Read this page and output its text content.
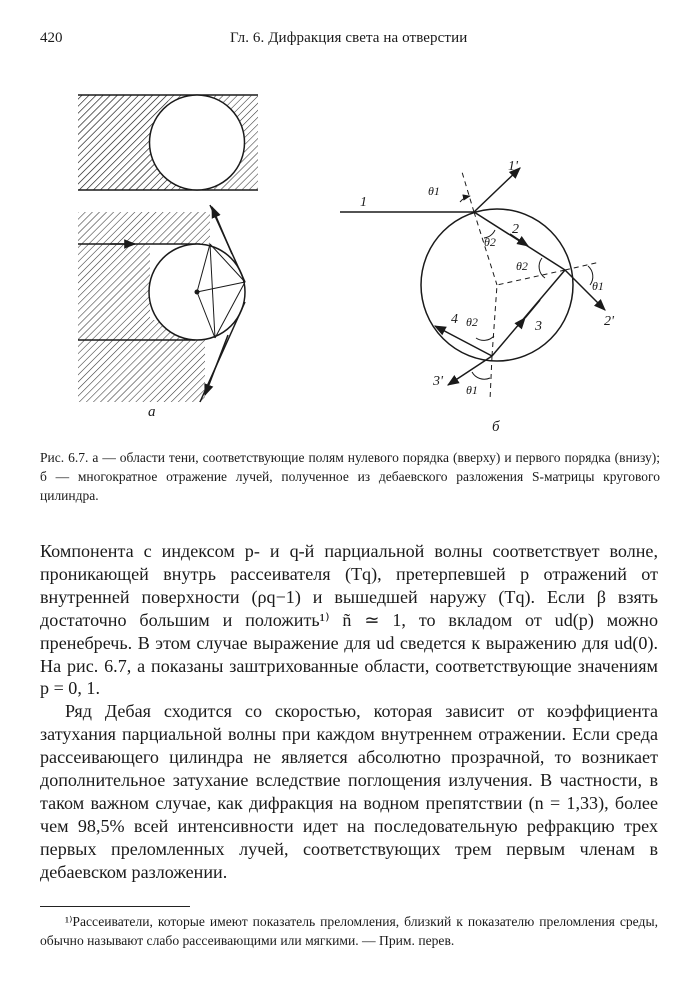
420	Гл. 6. Дифракция света на отверстии
а
1
1'
2
2'
3
3'
4
θ1
θ2
θ2
θ1
θ2
θ1
б
Рис. 6.7. а — области тени, соответствующие полям нулевого порядка (вверху) и первого порядка (внизу); б — многократное отражение лучей, полученное из дебаевского разложения S-матрицы кругового цилиндра.

Компонента с индексом p- и q-й парциальной волны соответствует волне, проникающей внутрь рассеивателя (Tq), претерпевшей p отражений от внутренней поверхности (ρq−1) и вышедшей наружу (Tq). Если β взять достаточно большим и положить¹⁾ ñ ≃ 1, то вкладом от ud(p) можно пренебречь. В этом случае выражение для ud сведется к выражению для ud(0). На рис. 6.7, а показаны заштрихованные области, соответствующие значениям p = 0, 1.

Ряд Дебая сходится со скоростью, которая зависит от коэффициента затухания парциальной волны при каждом внутреннем отражении. Если среда рассеивающего цилиндра не является абсолютно прозрачной, то возникает дополнительное затухание вследствие поглощения излучения. В частности, в таком важном случае, как дифракция на водном препятствии (n = 1,33), более чем 98,5% всей интенсивности идет на последовательную рефракцию трех первых преломленных лучей, соответствующих трем первым членам в дебаевском разложении.

¹⁾Рассеиватели, которые имеют показатель преломления, близкий к показателю преломления среды, обычно называют слабо рассеивающими или мягкими. — Прим. перев.
